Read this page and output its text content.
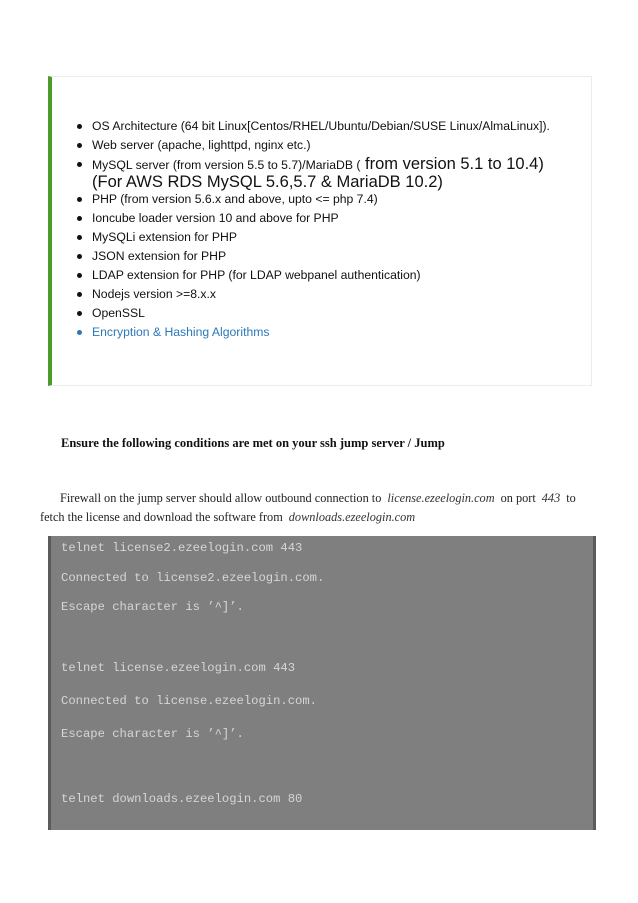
OS Architecture (64 bit Linux[Centos/RHEL/Ubuntu/Debian/SUSE Linux/AlmaLinux]).
Web server (apache, lighttpd, nginx etc.)
MySQL server (from version 5.5 to 5.7)/MariaDB ( from version 5.1 to 10.4)
(For AWS RDS MySQL 5.6,5.7 & MariaDB 10.2)
PHP (from version 5.6.x and above, upto <= php 7.4)
Ioncube loader version 10 and above for PHP
MySQLi extension for PHP
JSON extension for PHP
LDAP extension for PHP (for LDAP webpanel authentication)
Nodejs version >=8.x.x
OpenSSL
Encryption & Hashing Algorithms
Ensure the following conditions are met on your ssh jump server / Jump
Firewall on the jump server should allow outbound connection to license.ezeelogin.com on port 443 to
fetch the license and download the software from downloads.ezeelogin.com
telnet license2.ezeelogin.com 443
Connected to license2.ezeelogin.com.
Escape character is ’^]’.
telnet license.ezeelogin.com 443
Connected to license.ezeelogin.com.
Escape character is ’^]’.
telnet downloads.ezeelogin.com 80
